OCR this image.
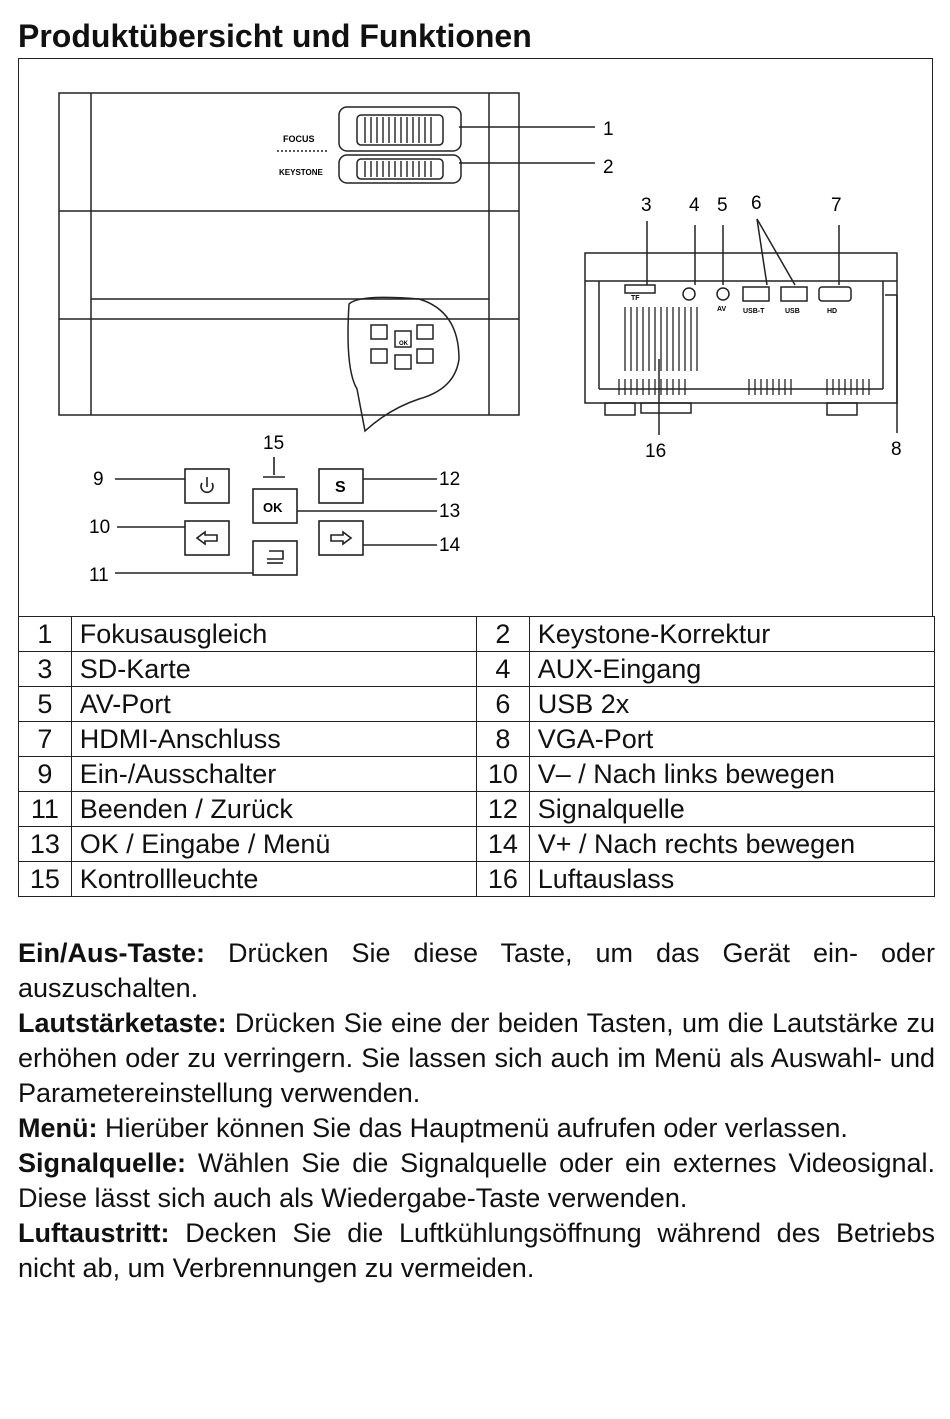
Produktübersicht und Funktionen
FOCUS
KEYSTONE
OK
1
2
TF
AV USB-T	USB	HD
3 4 5 6	7
8
16
OK
S
9
10
11
12
13
14
15
1	Fokusausgleich	2	Keystone-Korrektur
3	SD-Karte	4	AUX-Eingang
5	AV-Port	6	USB 2x
7	HDMI-Anschluss	8	VGA-Port
9	Ein-/Ausschalter	10	V– / Nach links bewegen
11	Beenden / Zurück	12	Signalquelle
13	OK / Eingabe / Menü	14	V+ / Nach rechts bewegen
15	Kontrollleuchte	16	Luftauslass

Ein/Aus-Taste: Drücken Sie diese Taste, um das Gerät ein- oder auszuschalten.

Lautstärketaste: Drücken Sie eine der beiden Tasten, um die Lautstärke zu erhöhen oder zu verringern. Sie lassen sich auch im Menü als Auswahl- und Parametereinstellung verwenden.

Menü: Hierüber können Sie das Hauptmenü aufrufen oder verlassen.

Signalquelle: Wählen Sie die Signalquelle oder ein externes Videosignal. Diese lässt sich auch als Wiedergabe-Taste verwenden.

Luftaustritt: Decken Sie die Luftkühlungsöffnung während des Betriebs nicht ab, um Verbrennungen zu vermeiden.
